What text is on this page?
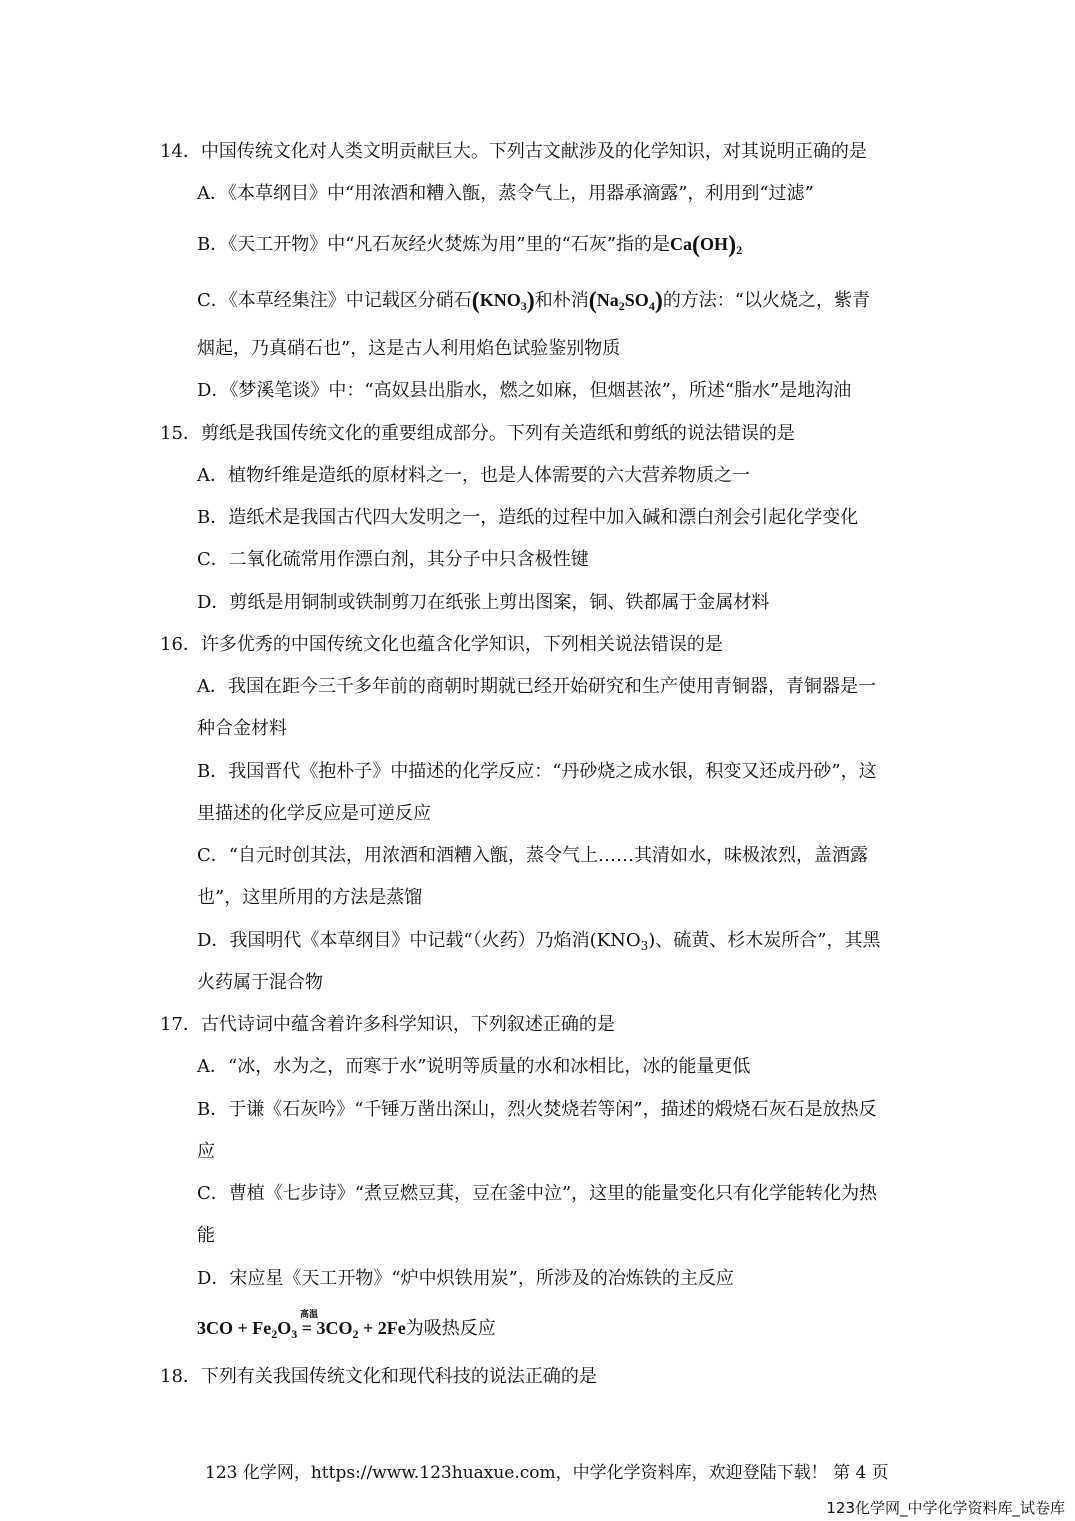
14．中国传统文化对人类文明贡献巨大。下列古文献涉及的化学知识，对其说明正确的是
A．《本草纲目》中“用浓酒和糟入甑，蒸令气上，用器承滴露”，利用到“过滤”
B．《天工开物》中“凡石灰经火焚炼为用”里的“石灰”指的是$Ca(OH)_2$
C．《本草经集注》中记载区分硝石$(KNO_3)$和朴消$(Na_2SO_4)$的方法：“以火烧之，紫青
烟起，乃真硝石也”，这是古人利用焰色试验鉴别物质
D．《梦溪笔谈》中：“高奴县出脂水，燃之如麻，但烟甚浓”，所述“脂水”是地沟油
15．剪纸是我国传统文化的重要组成部分。下列有关造纸和剪纸的说法错误的是
A．植物纤维是造纸的原材料之一，也是人体需要的六大营养物质之一
B．造纸术是我国古代四大发明之一，造纸的过程中加入碱和漂白剂会引起化学变化
C．二氧化硫常用作漂白剂，其分子中只含极性键
D．剪纸是用铜制或铁制剪刀在纸张上剪出图案，铜、铁都属于金属材料
16．许多优秀的中国传统文化也蕴含化学知识，下列相关说法错误的是
A．我国在距今三千多年前的商朝时期就已经开始研究和生产使用青铜器，青铜器是一
种合金材料
B．我国晋代《抱朴子》中描述的化学反应：“丹砂烧之成水银，积变又还成丹砂”，这
里描述的化学反应是可逆反应
C．“自元时创其法，用浓酒和酒糟入甑，蒸令气上……其清如水，味极浓烈，盖酒露
也”，这里所用的方法是蒸馏
D．我国明代《本草纲目》中记载“（火药）乃焰消$(KNO_3)$、硫黄、杉木炭所合”，其黑
火药属于混合物
17．古代诗词中蕴含着许多科学知识，下列叙述正确的是
A．“冰，水为之，而寒于水”说明等质量的水和冰相比，冰的能量更低
B．于谦《石灰吟》“千锤万凿出深山，烈火焚烧若等闲”，描述的煅烧石灰石是放热反
应
C．曹植《七步诗》“煮豆燃豆萁，豆在釜中泣”，这里的能量变化只有化学能转化为热
能
D．宋应星《天工开物》“炉中炽铁用炭”，所涉及的冶炼铁的主反应
$3CO + Fe_2O_3$
高温
= $3CO_2 + 2Fe$为吸热反应
18．下列有关我国传统文化和现代科技的说法正确的是
123 化学网，https://www.123huaxue.com，中学化学资料库，欢迎登陆下载！ 第 4 页
123化学网_中学化学资料库_试卷库
